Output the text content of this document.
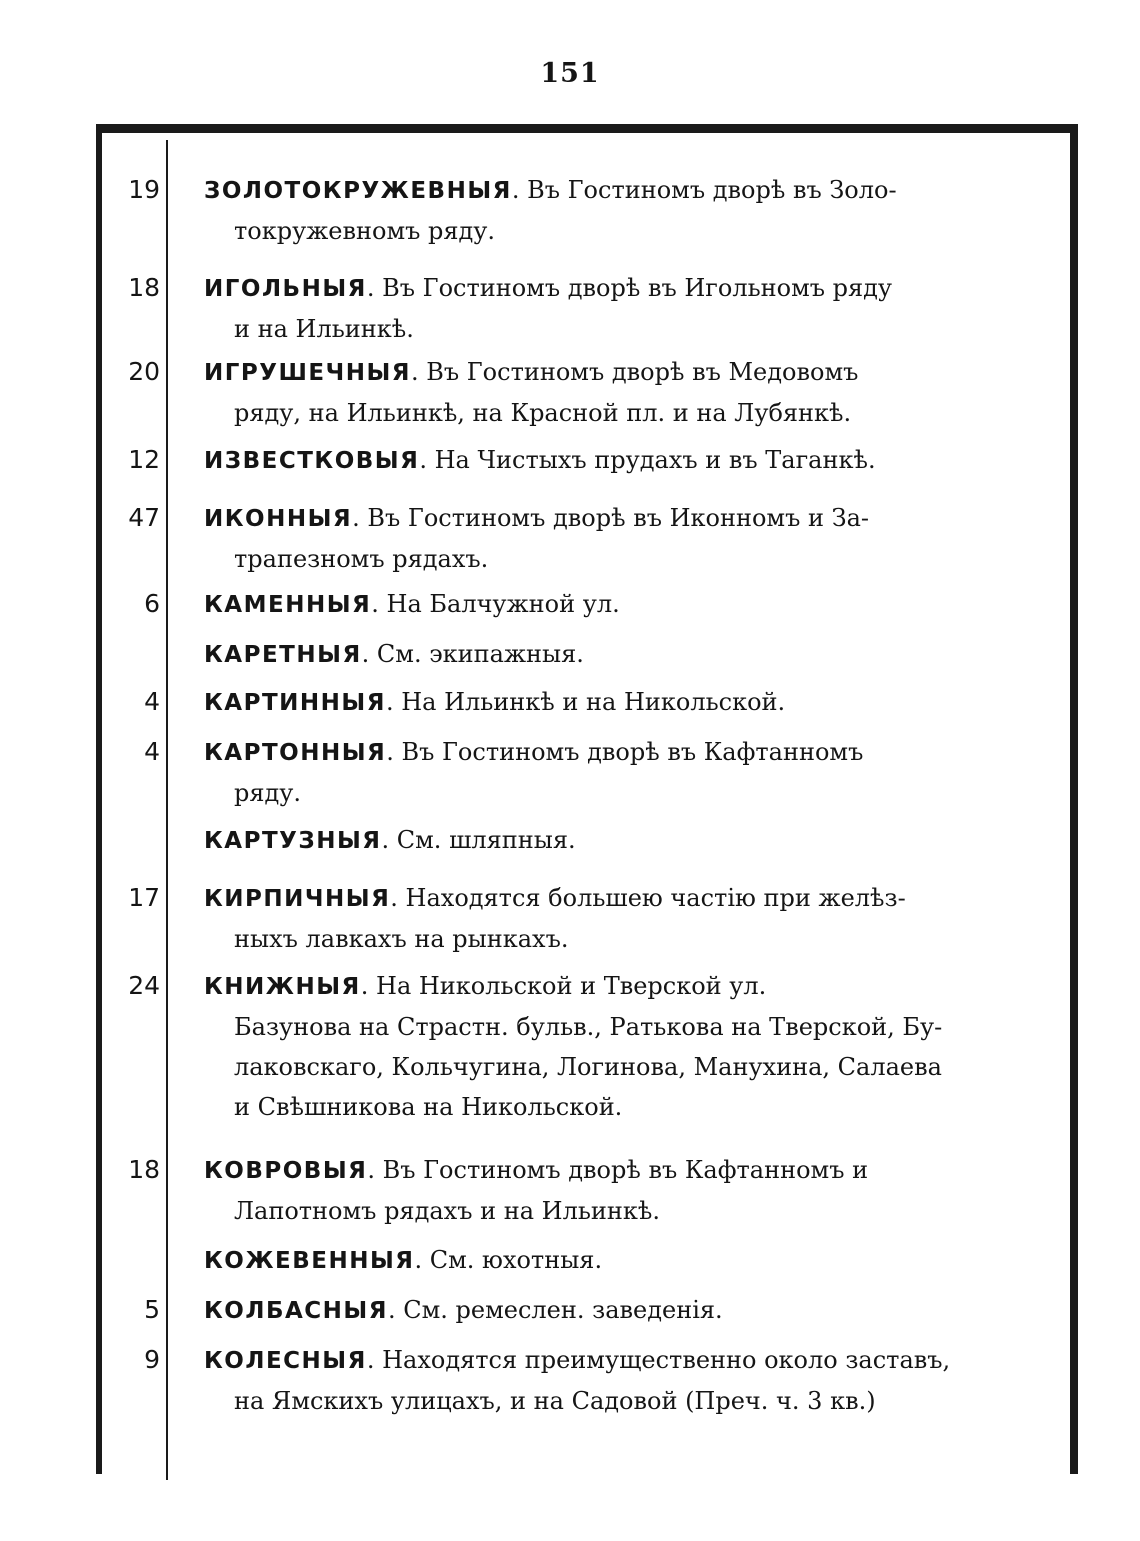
151
19 ЗОЛОТОКРУЖЕВНЫЯ. Въ Гостиномъ дворѣ въ Золо-
токружевномъ ряду.
18 ИГОЛЬНЫЯ. Въ Гостиномъ дворѣ въ Игольномъ ряду
и на Ильинкѣ.
20 ИГРУШЕЧНЫЯ. Въ Гостиномъ дворѣ въ Медовомъ
ряду, на Ильинкѣ, на Красной пл. и на Лубянкѣ.
12 ИЗВЕСТКОВЫЯ. На Чистыхъ прудахъ и въ Таганкѣ.
47 ИКОННЫЯ. Въ Гостиномъ дворѣ въ Иконномъ и За-
трапезномъ рядахъ.
6 КАМЕННЫЯ. На Балчужной ул.
КАРЕТНЫЯ. См. экипажныя.
4 КАРТИННЫЯ. На Ильинкѣ и на Никольской.
4 КАРТОННЫЯ. Въ Гостиномъ дворѣ въ Кафтанномъ
ряду.
КАРТУЗНЫЯ. См. шляпныя.
17 КИРПИЧНЫЯ. Находятся большею частію при желѣз-
ныхъ лавкахъ на рынкахъ.
24 КНИЖНЫЯ. На Никольской и Тверской ул.
Базунова на Страстн. бульв., Ратькова на Тверской, Бу-
лаковскаго, Кольчугина, Логинова, Манухина, Салаева
и Свѣшникова на Никольской.
18 КОВРОВЫЯ. Въ Гостиномъ дворѣ въ Кафтанномъ и
Лапотномъ рядахъ и на Ильинкѣ.
КОЖЕВЕННЫЯ. См. юхотныя.
5 КОЛБАСНЫЯ. См. ремеслен. заведенія.
9 КОЛЕСНЫЯ. Находятся преимущественно около заставъ,
на Ямскихъ улицахъ, и на Садовой (Преч. ч. 3 кв.)
